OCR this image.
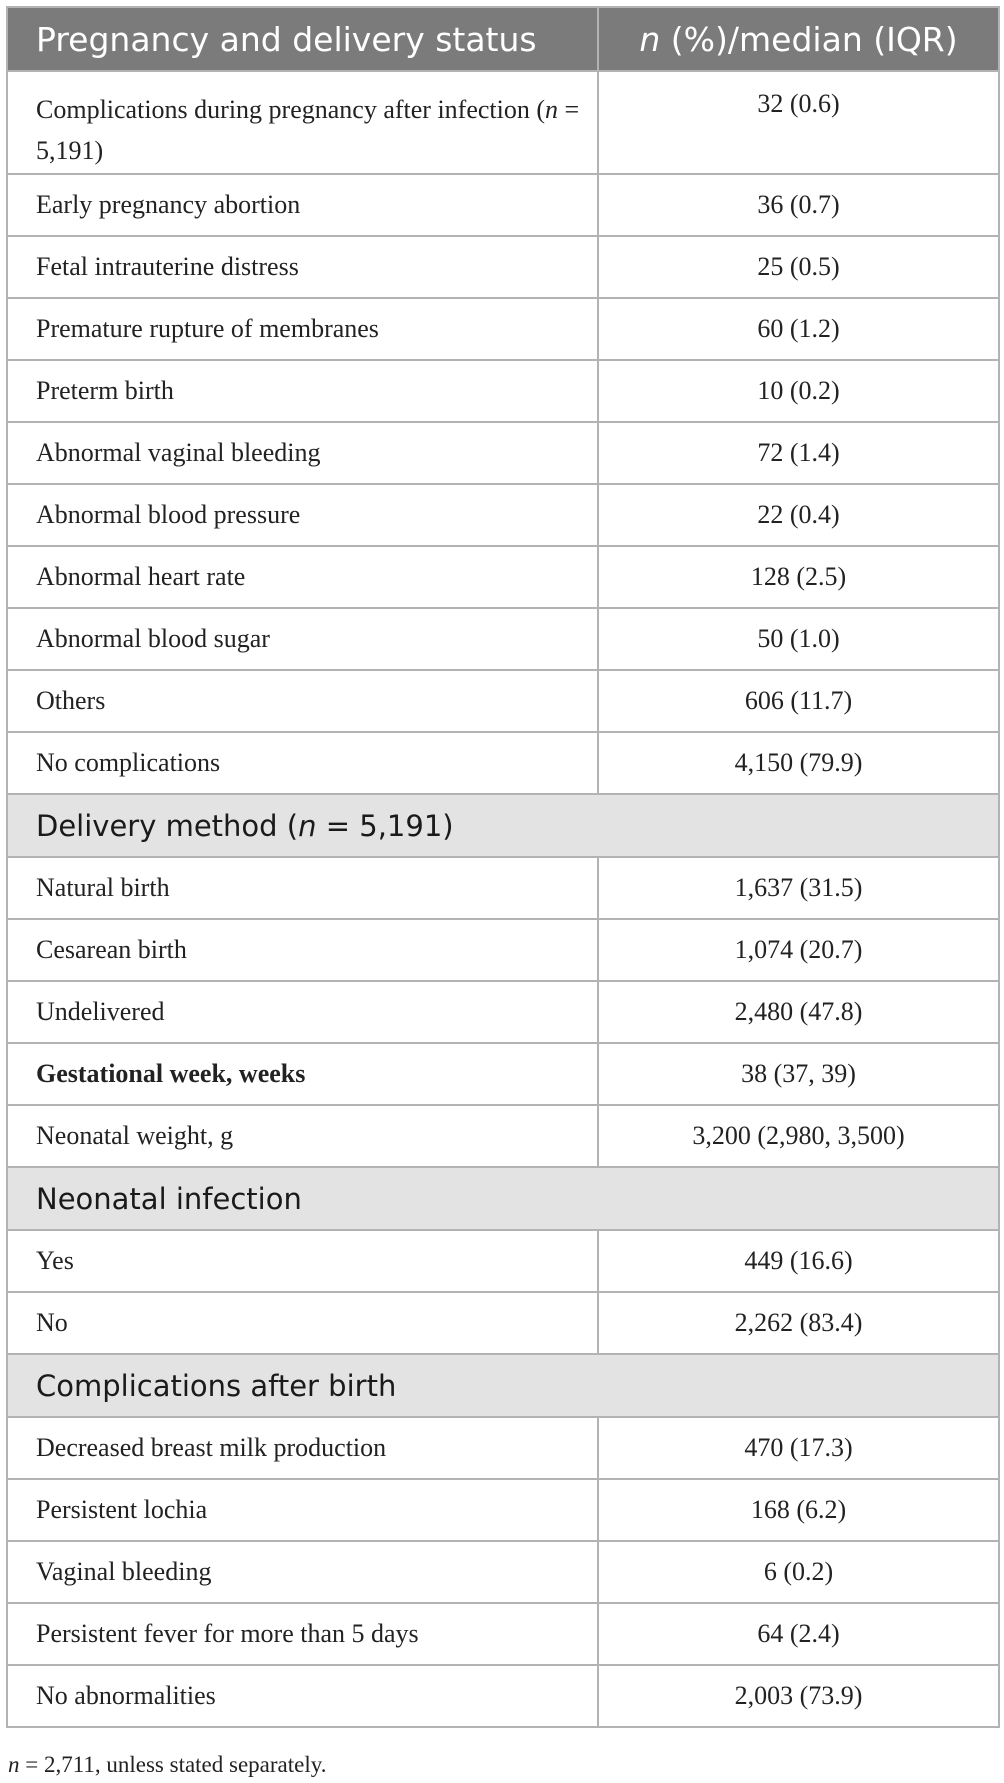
Pregnancy and delivery status	n (%)/median (IQR)
Complications during pregnancy after infection (n = 5,191)	32 (0.6)
Early pregnancy abortion	36 (0.7)
Fetal intrauterine distress	25 (0.5)
Premature rupture of membranes	60 (1.2)
Preterm birth	10 (0.2)
Abnormal vaginal bleeding	72 (1.4)
Abnormal blood pressure	22 (0.4)
Abnormal heart rate	128 (2.5)
Abnormal blood sugar	50 (1.0)
Others	606 (11.7)
No complications	4,150 (79.9)
Delivery method (n = 5,191)	
Natural birth	1,637 (31.5)
Cesarean birth	1,074 (20.7)
Undelivered	2,480 (47.8)
Gestational week, weeks	38 (37, 39)
Neonatal weight, g	3,200 (2,980, 3,500)
Neonatal infection	
Yes	449 (16.6)
No	2,262 (83.4)
Complications after birth	
Decreased breast milk production	470 (17.3)
Persistent lochia	168 (6.2)
Vaginal bleeding	6 (0.2)
Persistent fever for more than 5 days	64 (2.4)
No abnormalities	2,003 (73.9)
n = 2,711, unless stated separately.
